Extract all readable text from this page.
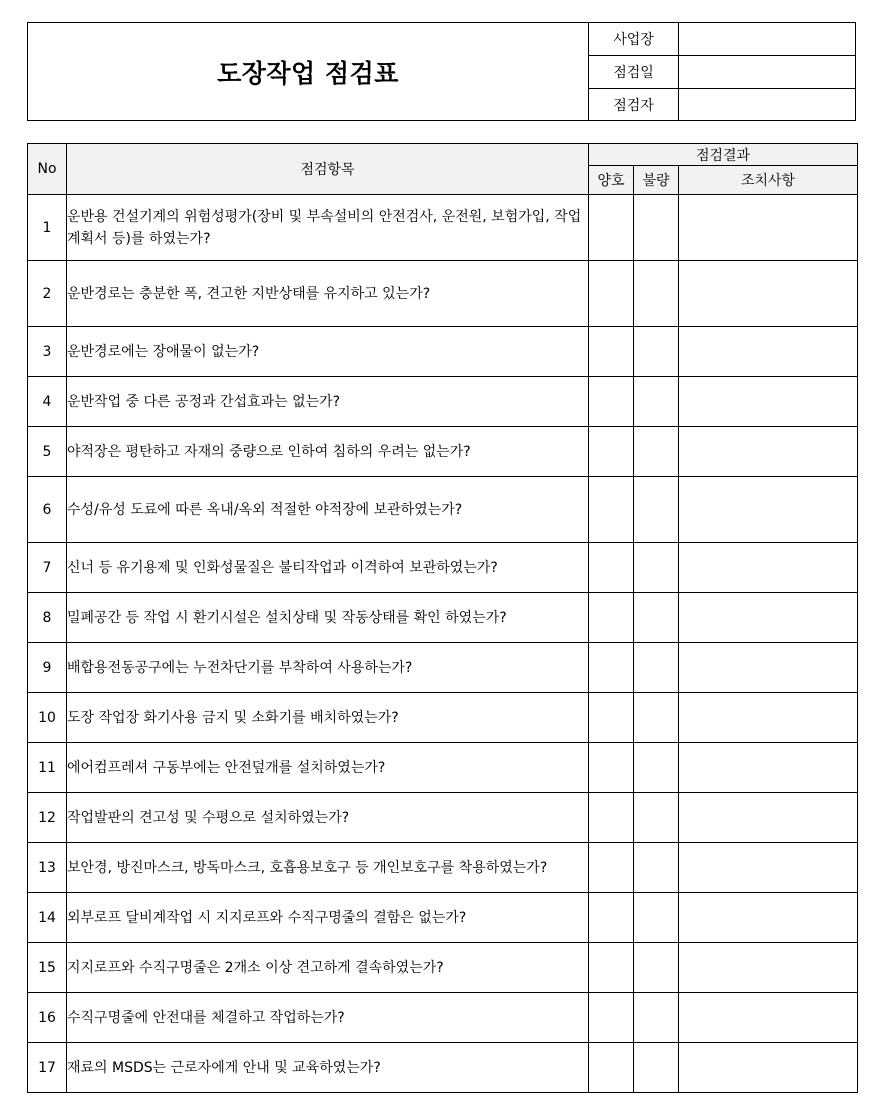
도장작업 점검표
사업장
점검일
점검자
No	점검항목	점검결과		
		양호	불량	조치사항
1	운반용 건설기계의 위험성평가(장비 및 부속설비의 안전검사, 운전원, 보험가입, 작업계획서 등)를 하였는가?			
2	운반경로는 충분한 폭, 견고한 지반상태를 유지하고 있는가?			
3	운반경로에는 장애물이 없는가?			
4	운반작업 중 다른 공정과 간섭효과는 없는가?			
5	야적장은 평탄하고 자재의 중량으로 인하여 침하의 우려는 없는가?			
6	수성/유성 도료에 따른 옥내/옥외 적절한 야적장에 보관하였는가?			
7	신너 등 유기용제 및 인화성물질은 불티작업과 이격하여 보관하였는가?			
8	밀폐공간 등 작업 시 환기시설은 설치상태 및 작동상태를 확인 하였는가?			
9	배합용전동공구에는 누전차단기를 부착하여 사용하는가?			
10	도장 작업장 화기사용 금지 및 소화기를 배치하였는가?			
11	에어컴프레셔 구동부에는 안전덮개를 설치하였는가?			
12	작업발판의 견고성 및 수평으로 설치하였는가?			
13	보안경, 방진마스크, 방독마스크, 호흡용보호구 등 개인보호구를 착용하였는가?			
14	외부로프 달비계작업 시 지지로프와 수직구명줄의 결함은 없는가?			
15	지지로프와 수직구명줄은 2개소 이상 견고하게 결속하였는가?			
16	수직구명줄에 안전대를 체결하고 작업하는가?			
17	재료의 MSDS는 근로자에게 안내 및 교육하였는가?			
